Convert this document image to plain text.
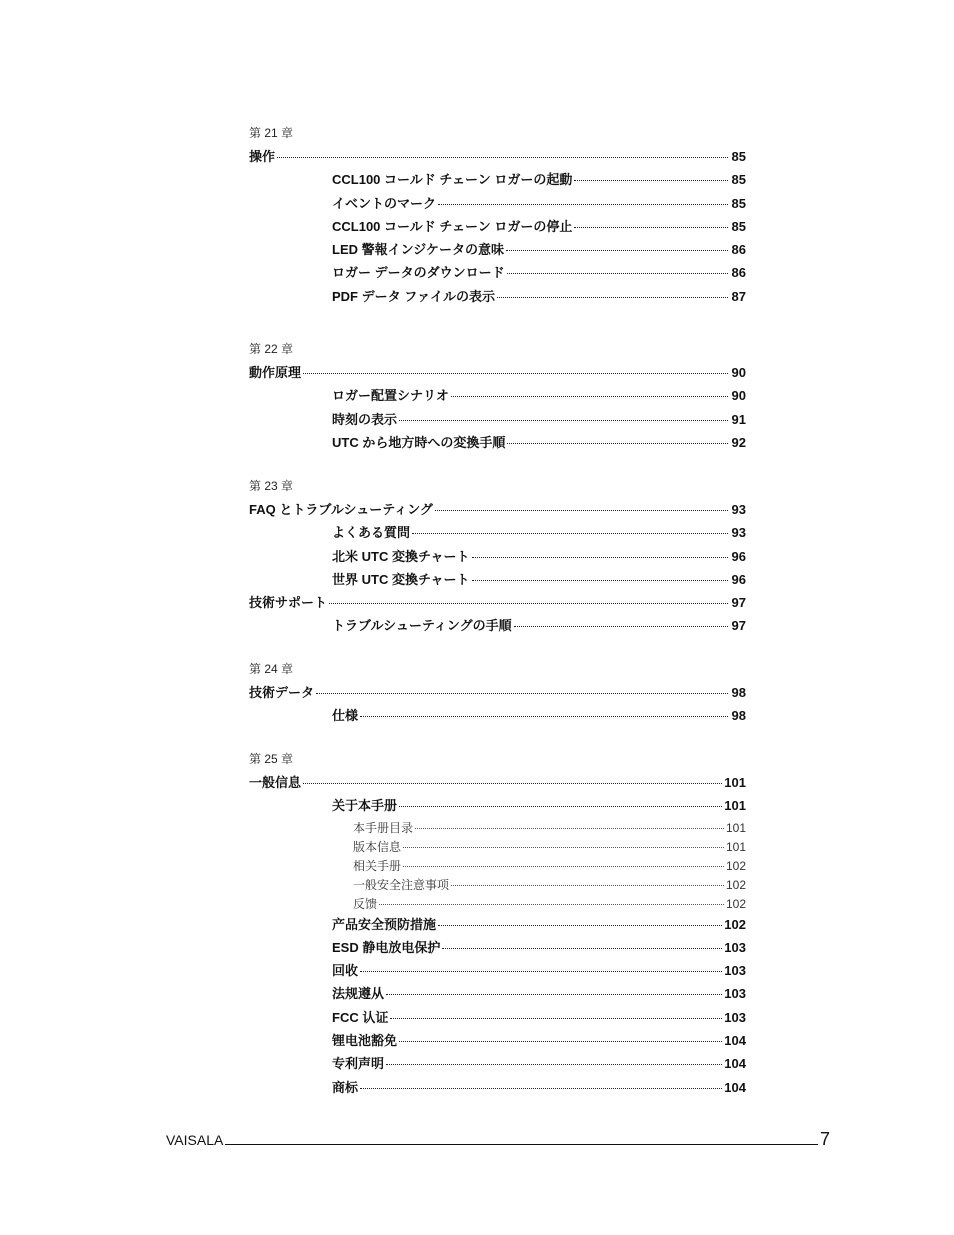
第 21 章
操作	85
CCL100 コールド チェーン ロガーの起動	85
イベントのマーク	85
CCL100 コールド チェーン ロガーの停止	85
LED 警報インジケータの意味	86
ロガー データのダウンロード	86
PDF データ ファイルの表示	87
第 22 章
動作原理	90
ロガー配置シナリオ	90
時刻の表示	91
UTC から地方時への変換手順	92
第 23 章
FAQ とトラブルシューティング	93
よくある質問	93
北米 UTC 変換チャート	96
世界 UTC 変換チャート	96
技術サポート	97
トラブルシューティングの手順	97
第 24 章
技術データ	98
仕様	98
第 25 章
一般信息	101
关于本手册	101
本手册目录	101
版本信息	101
相关手册	102
一般安全注意事项	102
反馈	102
产品安全预防措施	102
ESD 静电放电保护	103
回收	103
法规遵从	103
FCC 认证	103
锂电池豁免	104
专利声明	104
商标	104
VAISALA	7
